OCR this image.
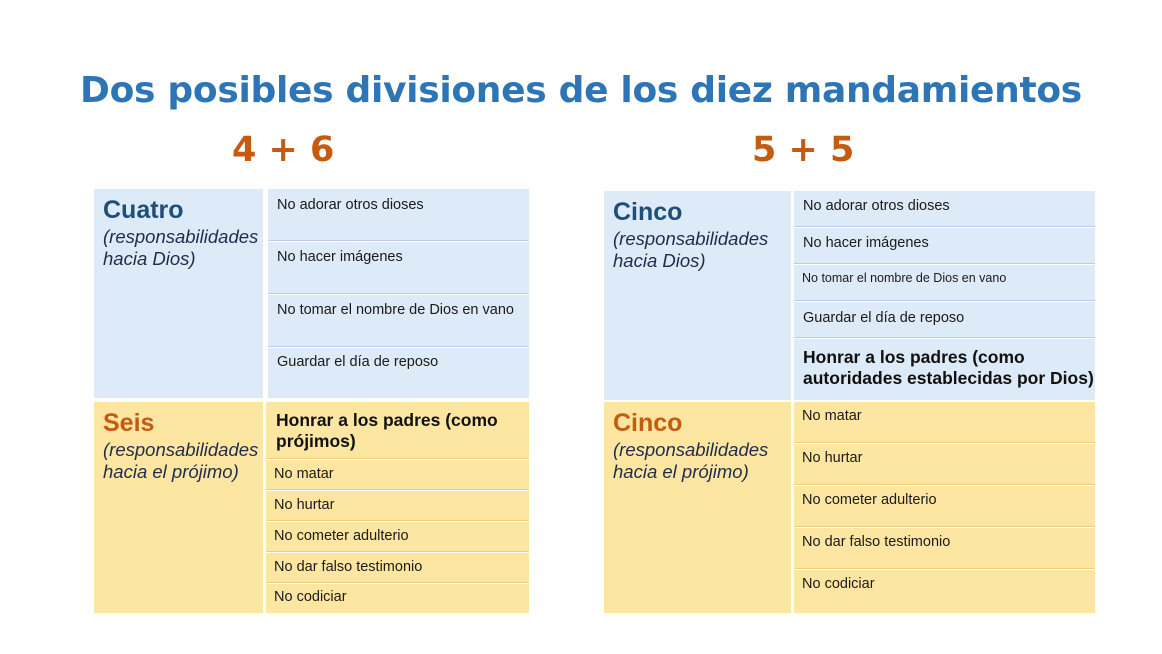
Dos posibles divisiones de los diez mandamientos
4 + 6	5 + 5
Cuatro
(responsabilidades hacia Dios)
No adorar otros dioses
No hacer imágenes
No tomar el nombre de Dios en vano
Guardar el día de reposo
Seis
(responsabilidades hacia el prójimo)
Honrar a los padres (como prójimos)
No matar
No hurtar
No cometer adulterio
No dar falso testimonio
No codiciar
Cinco
(responsabilidades hacia Dios)
No adorar otros dioses
No hacer imágenes
No tomar el nombre de Dios en vano
Guardar el día de reposo
Honrar a los padres (como autoridades establecidas por Dios)
Cinco
(responsabilidades hacia el prójimo)
No matar
No hurtar
No cometer adulterio
No dar falso testimonio
No codiciar
